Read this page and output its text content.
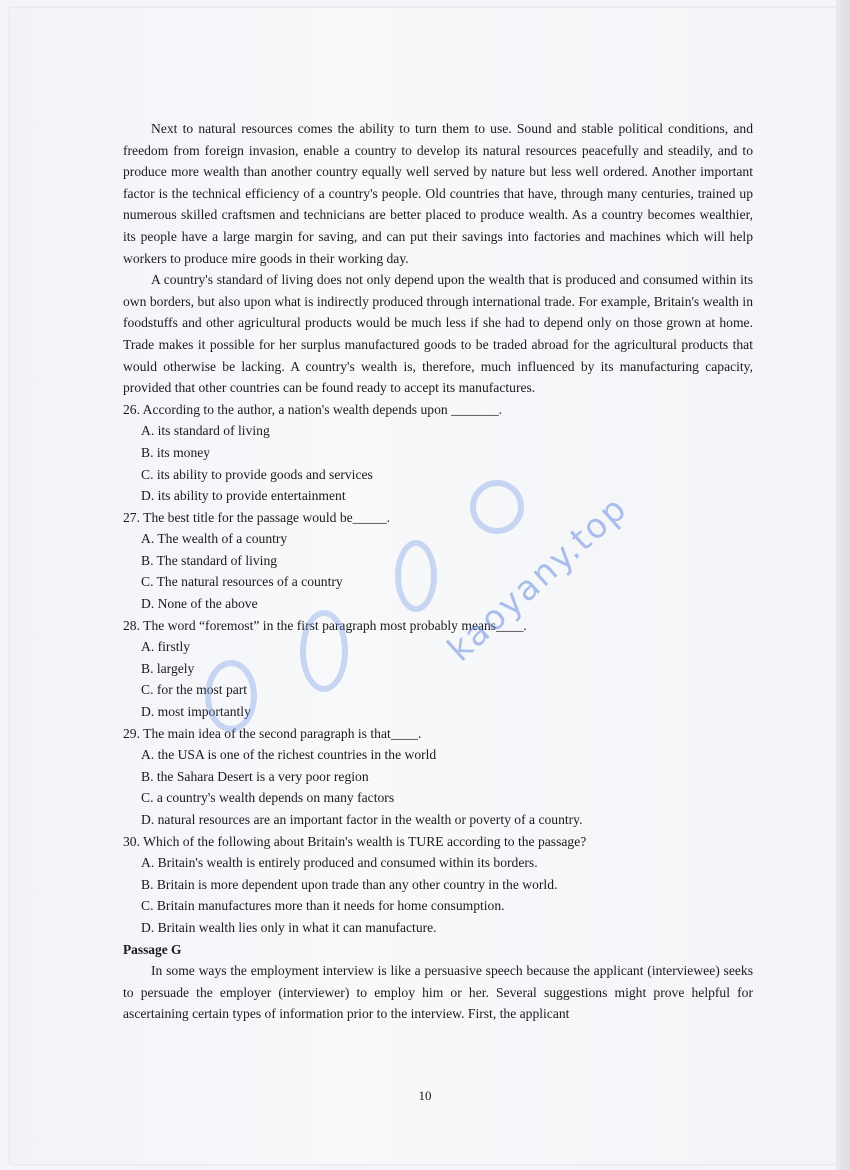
Next to natural resources comes the ability to turn them to use. Sound and stable political conditions, and freedom from foreign invasion, enable a country to develop its natural resources peacefully and steadily, and to produce more wealth than another country equally well served by nature but less well ordered. Another important factor is the technical efficiency of a country's people. Old countries that have, through many centuries, trained up numerous skilled craftsmen and technicians are better placed to produce wealth. As a country becomes wealthier, its people have a large margin for saving, and can put their savings into factories and machines which will help workers to produce mire goods in their working day.

A country's standard of living does not only depend upon the wealth that is produced and consumed within its own borders, but also upon what is indirectly produced through international trade. For example, Britain's wealth in foodstuffs and other agricultural products would be much less if she had to depend only on those grown at home. Trade makes it possible for her surplus manufactured goods to be traded abroad for the agricultural products that would otherwise be lacking. A country's wealth is, therefore, much influenced by its manufacturing capacity, provided that other countries can be found ready to accept its manufactures.

26. According to the author, a nation's wealth depends upon _______.

A. its standard of living

B. its money

C. its ability to provide goods and services

D. its ability to provide entertainment

27. The best title for the passage would be_____.

A. The wealth of a country

B. The standard of living

C. The natural resources of a country

D. None of the above

28. The word “foremost” in the first paragraph most probably means____.

A. firstly

B. largely

C. for the most part

D. most importantly

29. The main idea of the second paragraph is that____.

A. the USA is one of the richest countries in the world

B. the Sahara Desert is a very poor region

C. a country's wealth depends on many factors

D. natural resources are an important factor in the wealth or poverty of a country.

30. Which of the following about Britain's wealth is TURE according to the passage?

A. Britain's wealth is entirely produced and consumed within its borders.

B. Britain is more dependent upon trade than any other country in the world.

C. Britain manufactures more than it needs for home consumption.

D. Britain wealth lies only in what it can manufacture.

Passage G

In some ways the employment interview is like a persuasive speech because the applicant (interviewee) seeks to persuade the employer (interviewer) to employ him or her. Several suggestions might prove helpful for ascertaining certain types of information prior to the interview. First, the applicant

10
kaoyany.top
